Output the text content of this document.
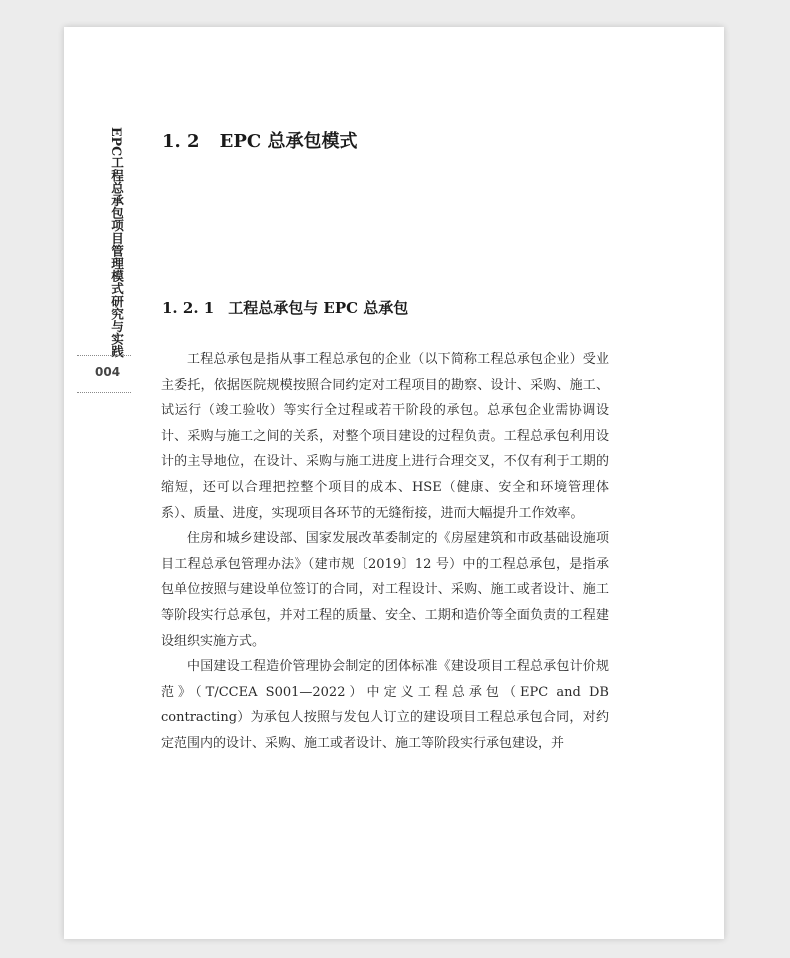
EPC工程总承包项目管理模式研究与实践
004
1. 2 EPC 总承包模式
1. 2. 1 工程总承包与 EPC 总承包

工程总承包是指从事工程总承包的企业（以下简称工程总承包企业）受业主委托，依据医院规模按照合同约定对工程项目的勘察、设计、采购、施工、试运行（竣工验收）等实行全过程或若干阶段的承包。总承包企业需协调设计、采购与施工之间的关系，对整个项目建设的过程负责。工程总承包利用设计的主导地位，在设计、采购与施工进度上进行合理交叉，不仅有利于工期的缩短，还可以合理把控整个项目的成本、HSE（健康、安全和环境管理体系）、质量、进度，实现项目各环节的无缝衔接，进而大幅提升工作效率。

住房和城乡建设部、国家发展改革委制定的《房屋建筑和市政基础设施项目工程总承包管理办法》（建市规〔2019〕12 号）中的工程总承包，是指承包单位按照与建设单位签订的合同，对工程设计、采购、施工或者设计、施工等阶段实行总承包，并对工程的质量、安全、工期和造价等全面负责的工程建设组织实施方式。

中国建设工程造价管理协会制定的团体标准《建设项目工程总承包计价规范》（T/CCEA S001—2022）中定义工程总承包（EPC and DB contracting）为承包人按照与发包人订立的建设项目工程总承包合同，对约定范围内的设计、采购、施工或者设计、施工等阶段实行承包建设，并
